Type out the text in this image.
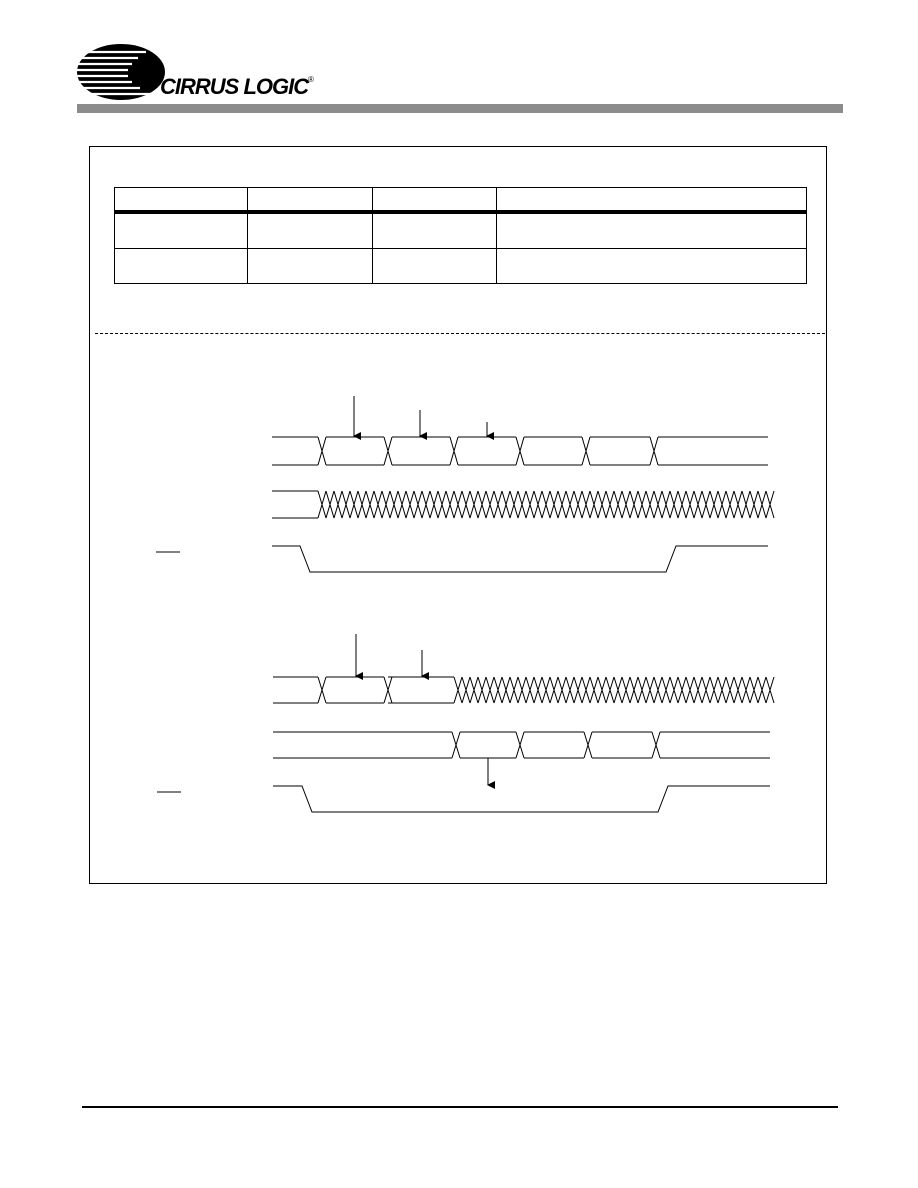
CIRRUS LOGIC ®
